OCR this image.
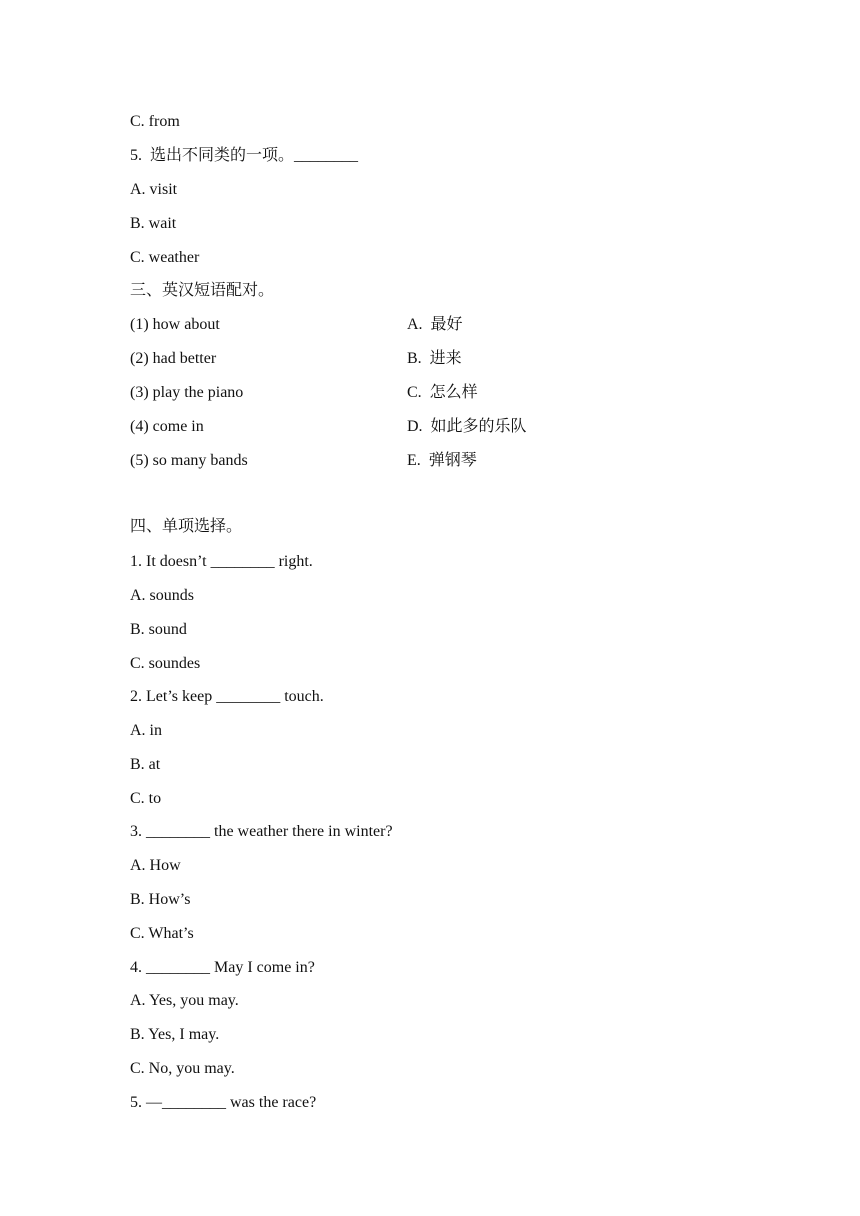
C. from
5.  选出不同类的一项。________
A. visit
B. wait
C. weather
三、英汉短语配对。
(1) how about	A.  最好
(2) had better	B.  进来
(3) play the piano	C.  怎么样
(4) come in	D.  如此多的乐队
(5) so many bands	E.  弹钢琴
四、单项选择。
1. It doesn’t ________ right.
A. sounds
B. sound
C. soundes
2. Let’s keep ________ touch.
A. in
B. at
C. to
3. ________ the weather there in winter?
A. How
B. How’s
C. What’s
4. ________ May I come in?
A. Yes, you may.
B. Yes, I may.
C. No, you may.
5. —________ was the race?
